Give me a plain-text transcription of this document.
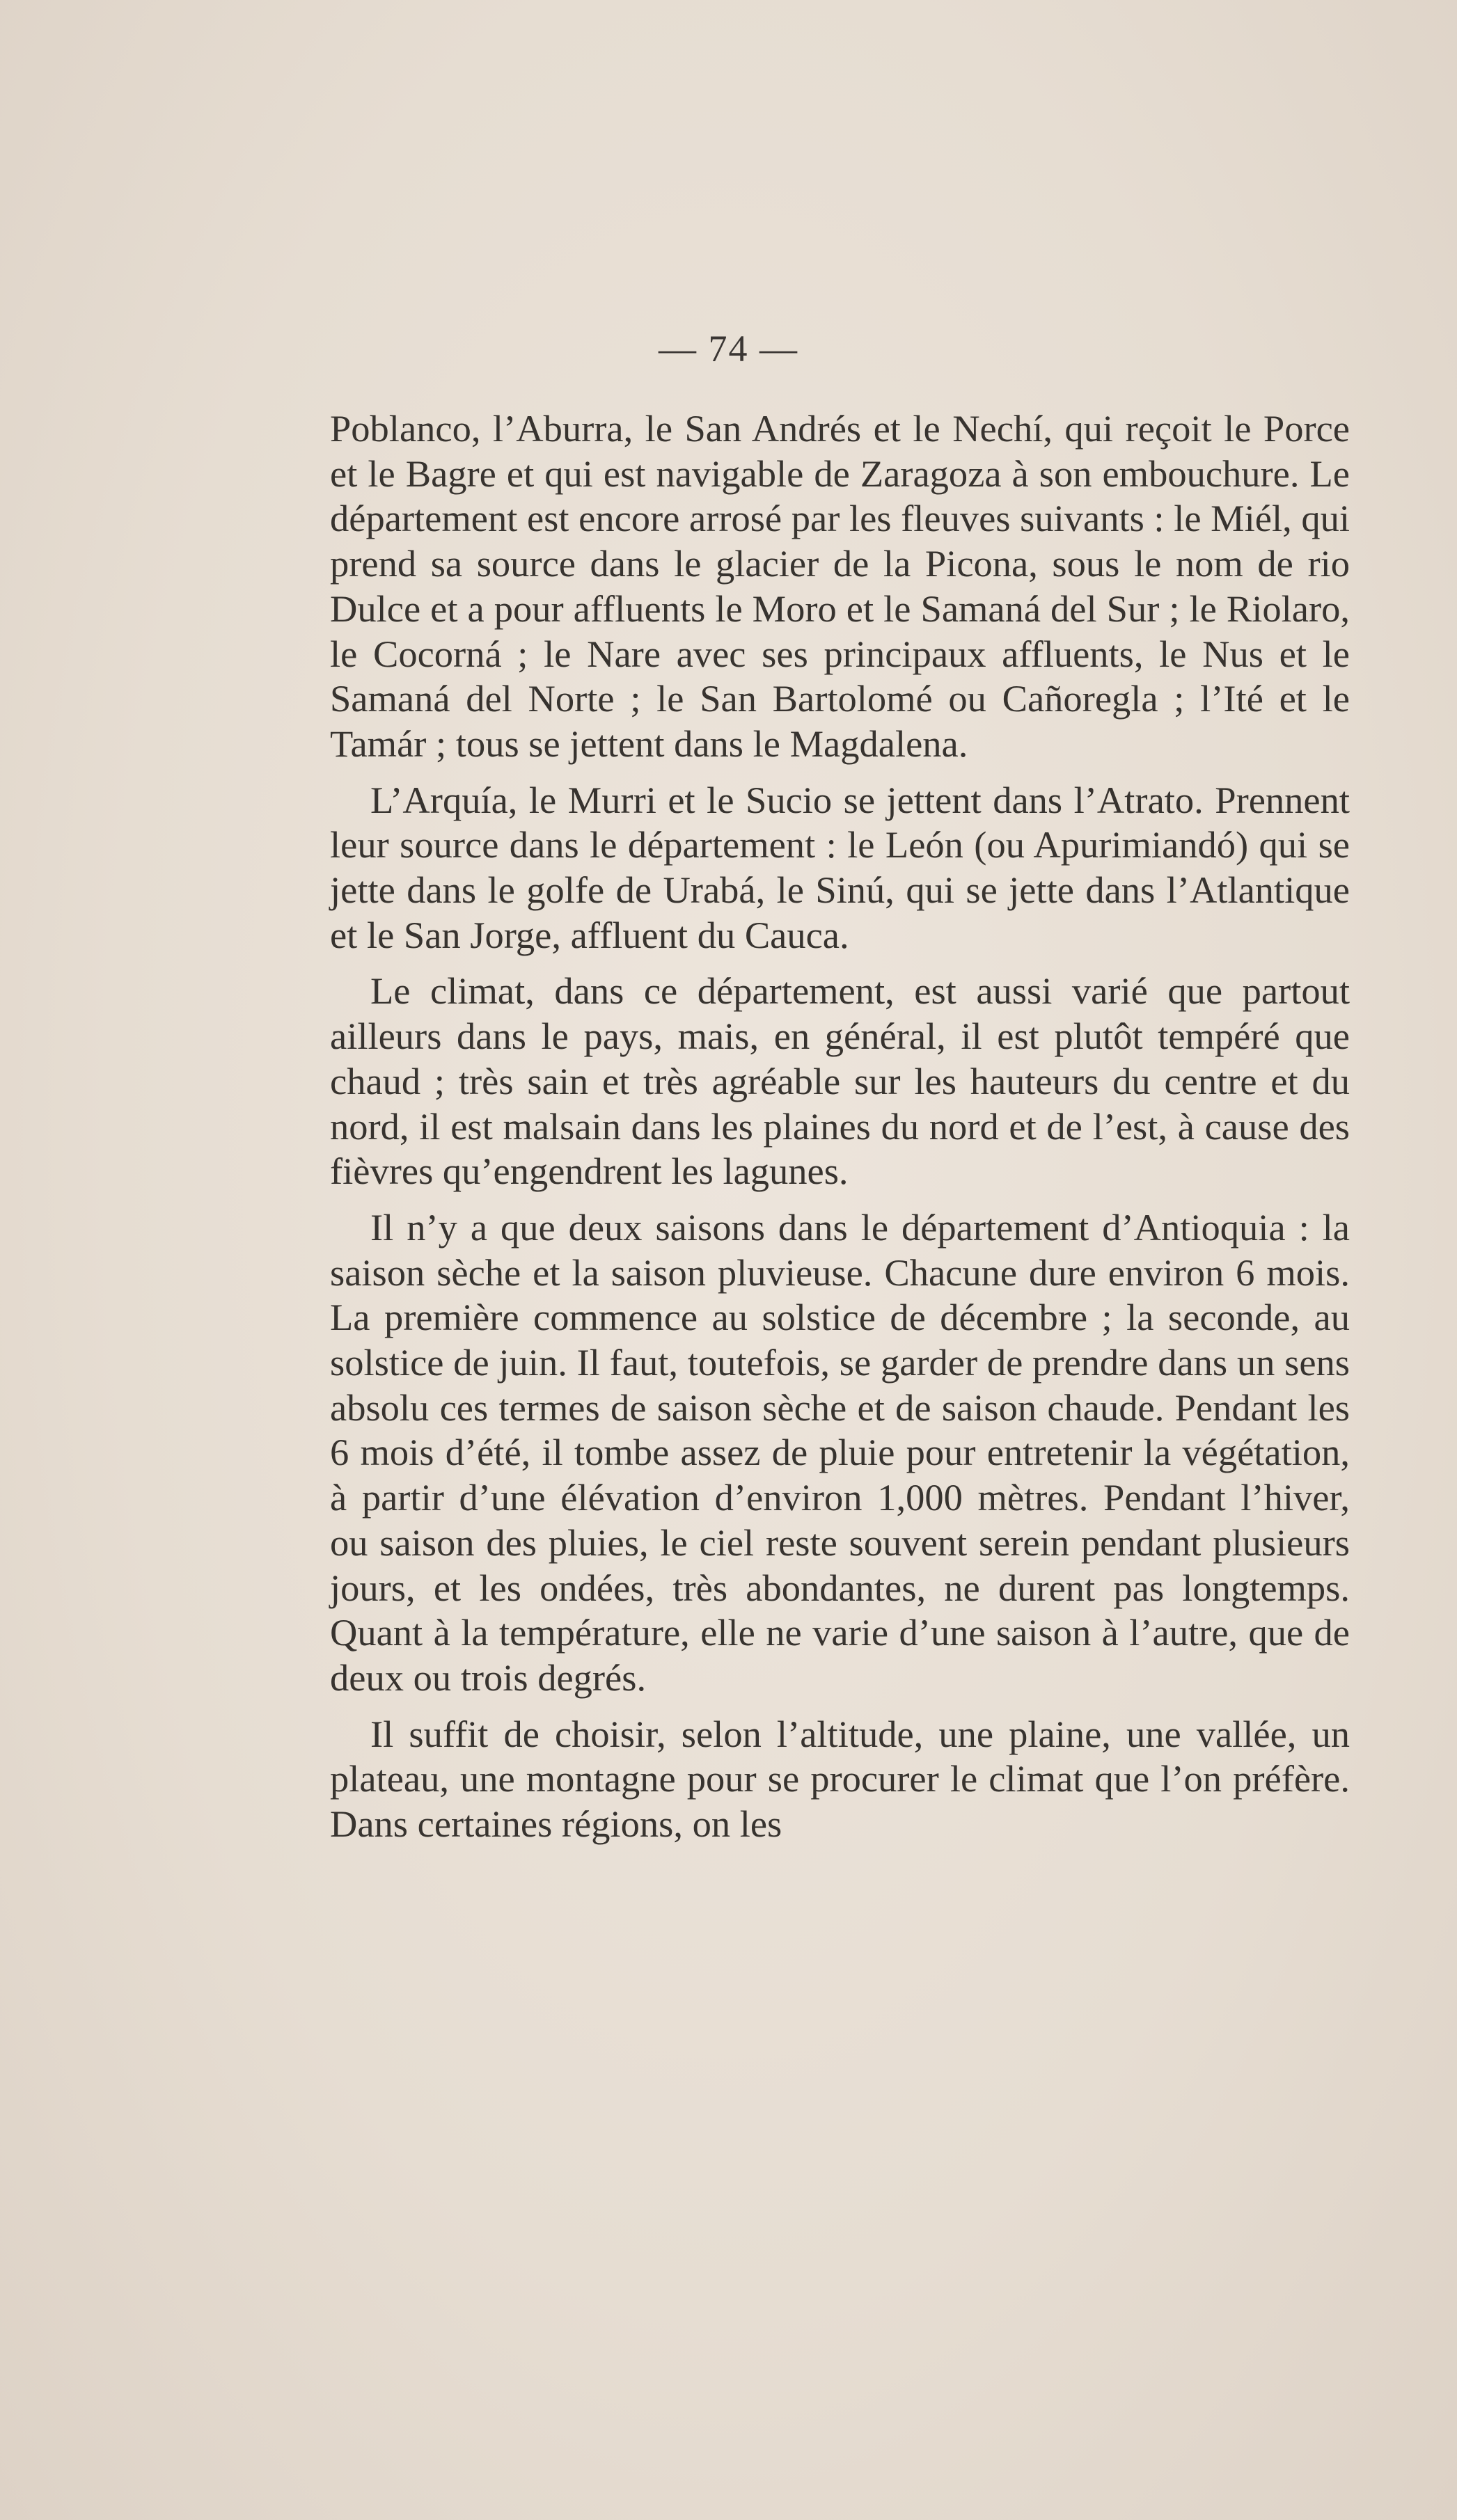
— 74 —

Poblanco, l’Aburra, le San Andrés et le Nechí, qui reçoit le Porce et le Bagre et qui est navigable de Zaragoza à son embouchure. Le département est encore arrosé par les fleuves suivants : le Miél, qui prend sa source dans le glacier de la Picona, sous le nom de rio Dulce et a pour affluents le Moro et le Samaná del Sur ; le Riolaro, le Cocorná ; le Nare avec ses principaux affluents, le Nus et le Samaná del Norte ; le San Bartolomé ou Cañoregla ; l’Ité et le Tamár ; tous se jettent dans le Magdalena.

L’Arquía, le Murri et le Sucio se jettent dans l’Atrato. Prennent leur source dans le département : le León (ou Apurimiandó) qui se jette dans le golfe de Urabá, le Sinú, qui se jette dans l’Atlantique et le San Jorge, affluent du Cauca.

Le climat, dans ce département, est aussi varié que partout ailleurs dans le pays, mais, en général, il est plutôt tempéré que chaud ; très sain et très agréable sur les hauteurs du centre et du nord, il est malsain dans les plaines du nord et de l’est, à cause des fièvres qu’engendrent les lagunes.

Il n’y a que deux saisons dans le département d’Antioquia : la saison sèche et la saison pluvieuse. Chacune dure environ 6 mois. La première commence au solstice de décembre ; la seconde, au solstice de juin. Il faut, toutefois, se garder de prendre dans un sens absolu ces termes de saison sèche et de saison chaude. Pendant les 6 mois d’été, il tombe assez de pluie pour entretenir la végétation, à partir d’une élévation d’environ 1,000 mètres. Pendant l’hiver, ou saison des pluies, le ciel reste souvent serein pendant plusieurs jours, et les ondées, très abondantes, ne durent pas longtemps. Quant à la température, elle ne varie d’une saison à l’autre, que de deux ou trois degrés.

Il suffit de choisir, selon l’altitude, une plaine, une vallée, un plateau, une montagne pour se procurer le climat que l’on préfère. Dans certaines régions, on les
